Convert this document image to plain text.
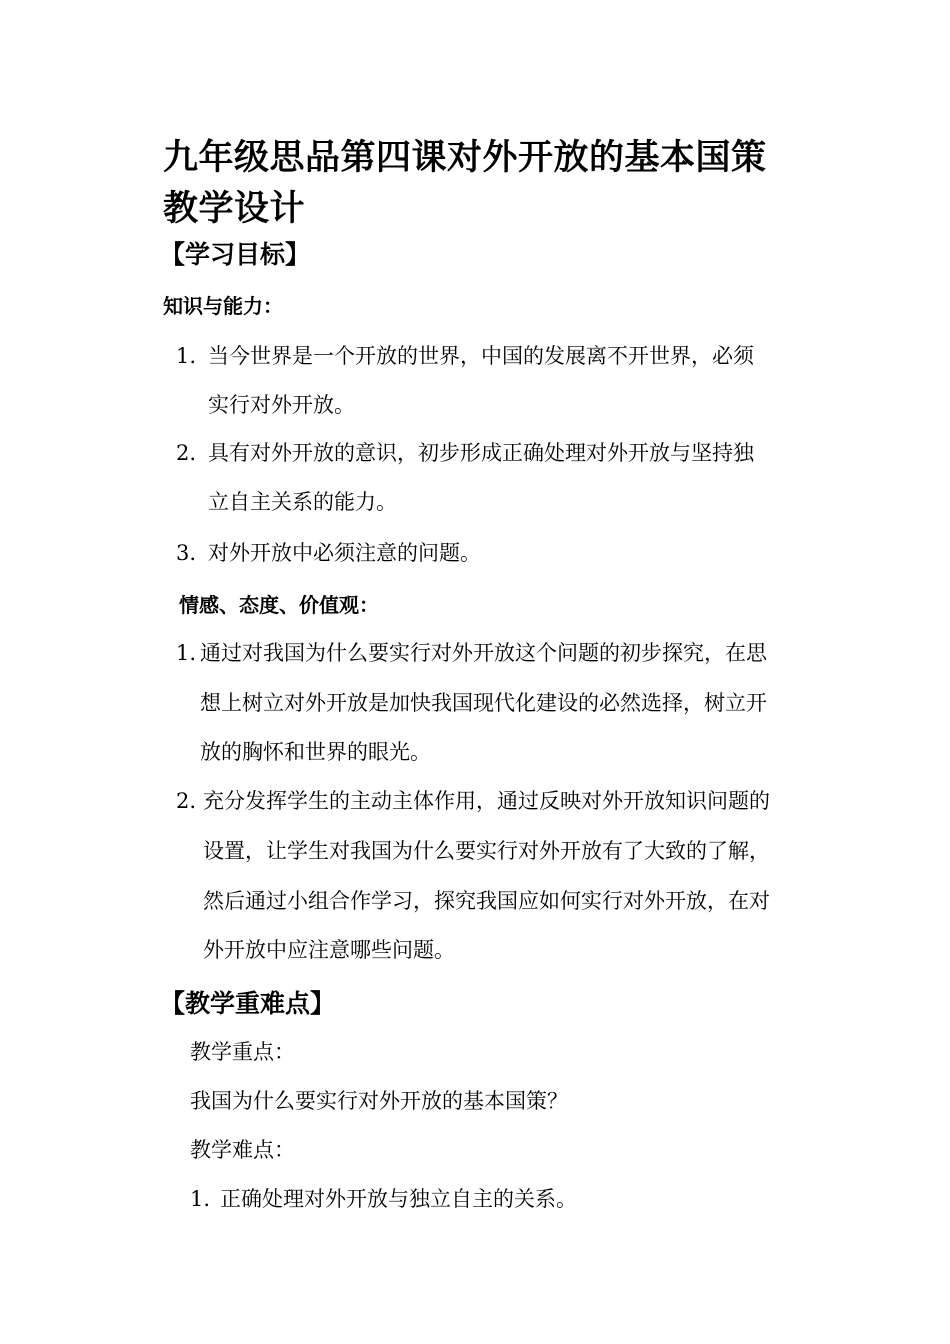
九年级思品第四课对外开放的基本国策
教学设计
【学习目标】
知识与能力：
1. 当今世界是一个开放的世界，中国的发展离不开世界，必须
实行对外开放。
2. 具有对外开放的意识，初步形成正确处理对外开放与坚持独
立自主关系的能力。
3. 对外开放中必须注意的问题。
情感、态度、价值观：
1. 通过对我国为什么要实行对外开放这个问题的初步探究，在思
想上树立对外开放是加快我国现代化建设的必然选择，树立开
放的胸怀和世界的眼光。
2. 充分发挥学生的主动主体作用，通过反映对外开放知识问题的
设置，让学生对我国为什么要实行对外开放有了大致的了解，
然后通过小组合作学习，探究我国应如何实行对外开放，在对
外开放中应注意哪些问题。
【教学重难点】
教学重点：
我国为什么要实行对外开放的基本国策？
教学难点：
1. 正确处理对外开放与独立自主的关系。
